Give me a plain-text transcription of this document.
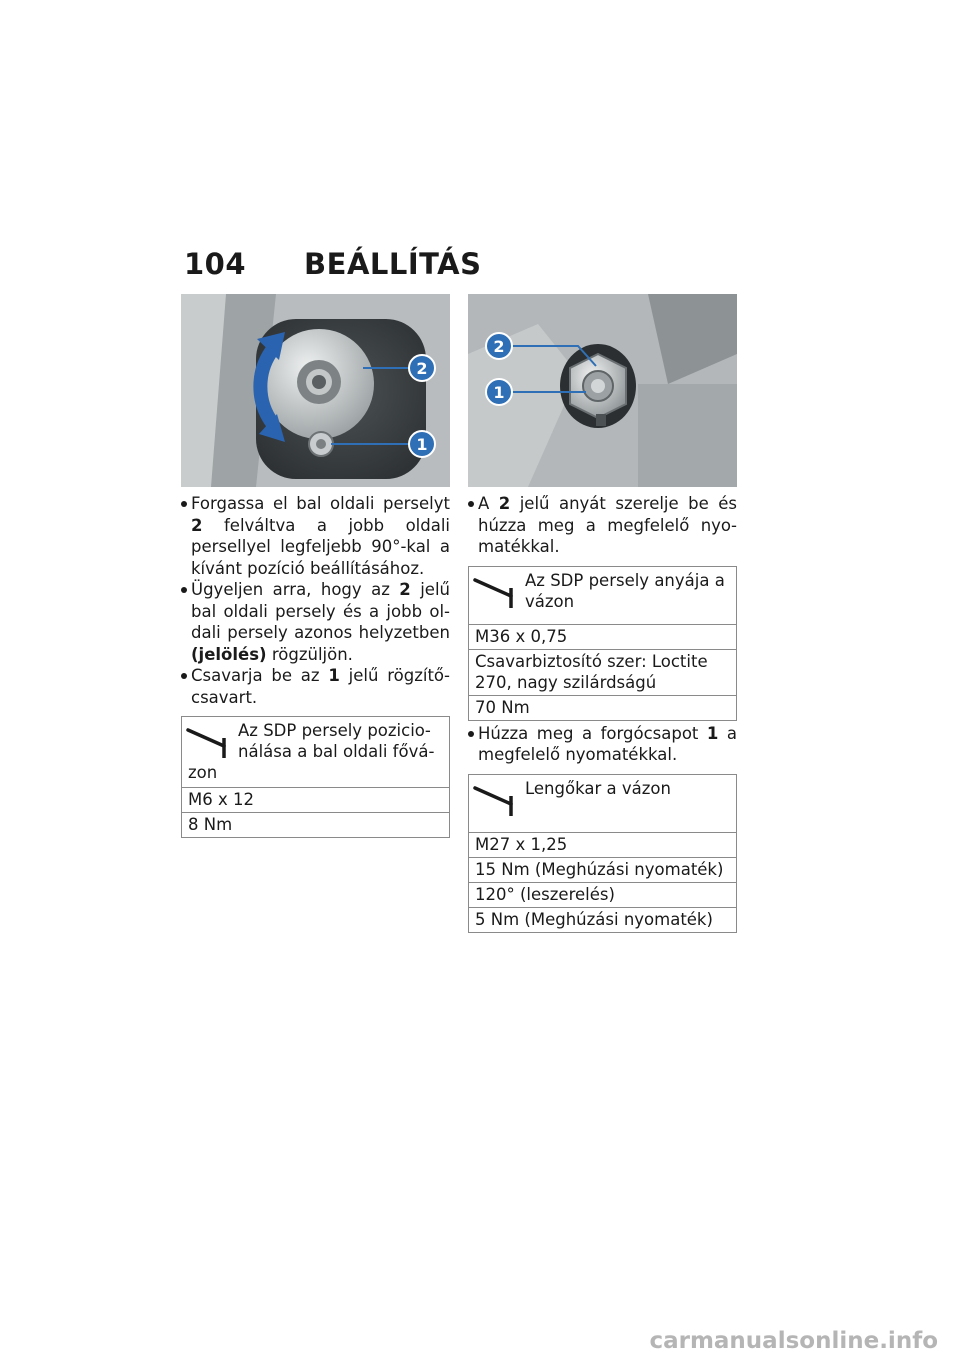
104 BEÁLLÍTÁS
2
1
Forgassa el bal oldali perselyt 2 felváltva a jobb oldali persellyel legfeljebb 90°-kal a kívánt pozíció beállításához.
Ügyeljen arra, hogy az 2 jelű bal oldali persely és a jobb oldali persely azonos helyzetben (jelölés) rögzüljön.
Csavarja be az 1 jelű rögzítőcsavart.
Az SDP persely pozicionálása a bal oldali fővázon
M6 x 12
8 Nm
2
1
A 2 jelű anyát szerelje be és húzza meg a megfelelő nyomatékkal.
Az SDP persely anyája a vázon
M36 x 0,75
Csavarbiztosító szer: Loctite 270, nagy szilárdságú
70 Nm
Húzza meg a forgócsapot 1 a megfelelő nyomatékkal.
Lengőkar a vázon
M27 x 1,25
15 Nm (Meghúzási nyomaték)
120° (leszerelés)
5 Nm (Meghúzási nyomaték)
carmanualsonline.info
